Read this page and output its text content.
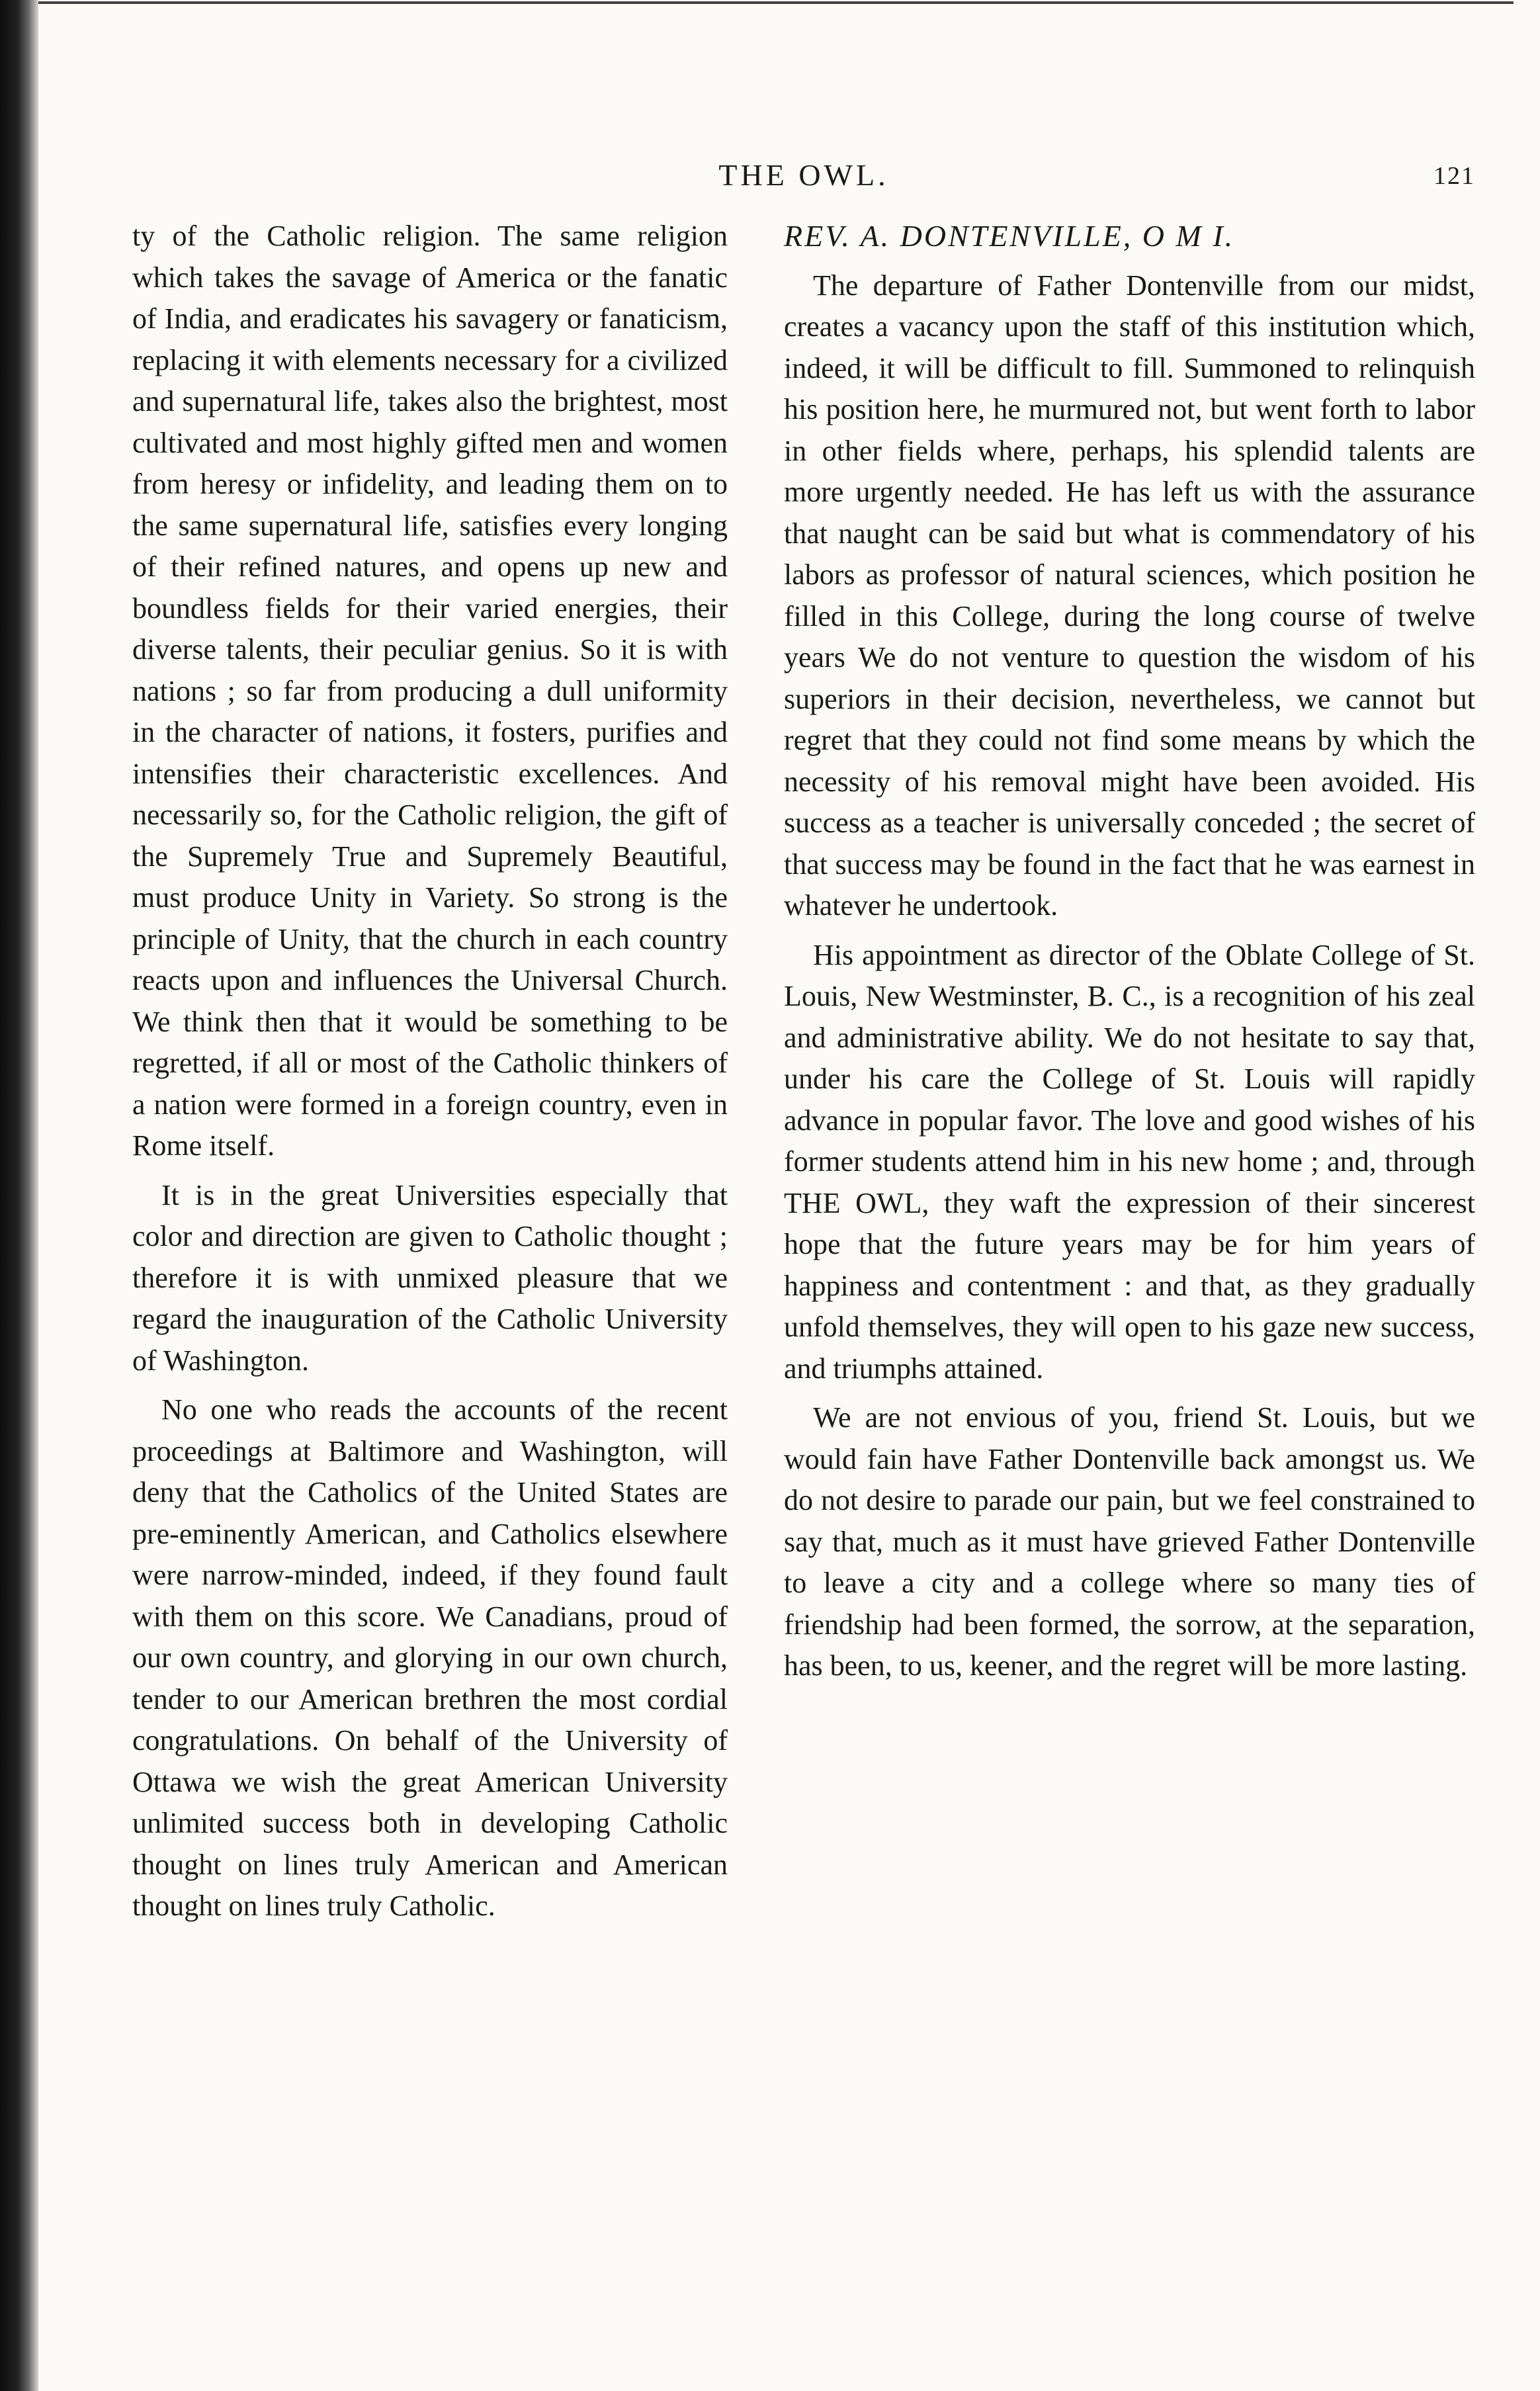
THE OWL.	121

ty of the Catholic religion. The same religion which takes the savage of America or the fanatic of India, and eradicates his savagery or fanaticism, replacing it with elements necessary for a civilized and supernatural life, takes also the brightest, most cultivated and most highly gifted men and women from heresy or infidelity, and leading them on to the same supernatural life, satisfies every longing of their refined natures, and opens up new and boundless fields for their varied energies, their diverse talents, their peculiar genius. So it is with nations ; so far from producing a dull uniformity in the character of nations, it fosters, purifies and intensifies their characteristic excellences. And necessarily so, for the Catholic religion, the gift of the Supremely True and Supremely Beautiful, must produce Unity in Variety. So strong is the principle of Unity, that the church in each country reacts upon and influences the Universal Church. We think then that it would be something to be regretted, if all or most of the Catholic thinkers of a nation were formed in a foreign country, even in Rome itself.

It is in the great Universities especially that color and direction are given to Catholic thought ; therefore it is with unmixed pleasure that we regard the inauguration of the Catholic University of Washington.

No one who reads the accounts of the recent proceedings at Baltimore and Washington, will deny that the Catholics of the United States are pre-eminently American, and Catholics elsewhere were narrow-minded, indeed, if they found fault with them on this score. We Canadians, proud of our own country, and glorying in our own church, tender to our American brethren the most cordial congratulations. On behalf of the University of Ottawa we wish the great American University unlimited success both in developing Catholic thought on lines truly American and American thought on lines truly Catholic.

REV. A. DONTENVILLE, O M I.

The departure of Father Dontenville from our midst, creates a vacancy upon the staff of this institution which, indeed, it will be difficult to fill. Summoned to relinquish his position here, he murmured not, but went forth to labor in other fields where, perhaps, his splendid talents are more urgently needed. He has left us with the assurance that naught can be said but what is commendatory of his labors as professor of natural sciences, which position he filled in this College, during the long course of twelve years We do not venture to question the wisdom of his superiors in their decision, nevertheless, we cannot but regret that they could not find some means by which the necessity of his removal might have been avoided. His success as a teacher is universally conceded ; the secret of that success may be found in the fact that he was earnest in whatever he undertook.

His appointment as director of the Oblate College of St. Louis, New Westminster, B. C., is a recognition of his zeal and administrative ability. We do not hesitate to say that, under his care the College of St. Louis will rapidly advance in popular favor. The love and good wishes of his former students attend him in his new home ; and, through THE OWL, they waft the expression of their sincerest hope that the future years may be for him years of happiness and contentment : and that, as they gradually unfold themselves, they will open to his gaze new success, and triumphs attained.

We are not envious of you, friend St. Louis, but we would fain have Father Dontenville back amongst us. We do not desire to parade our pain, but we feel constrained to say that, much as it must have grieved Father Dontenville to leave a city and a college where so many ties of friendship had been formed, the sorrow, at the separation, has been, to us, keener, and the regret will be more lasting.
